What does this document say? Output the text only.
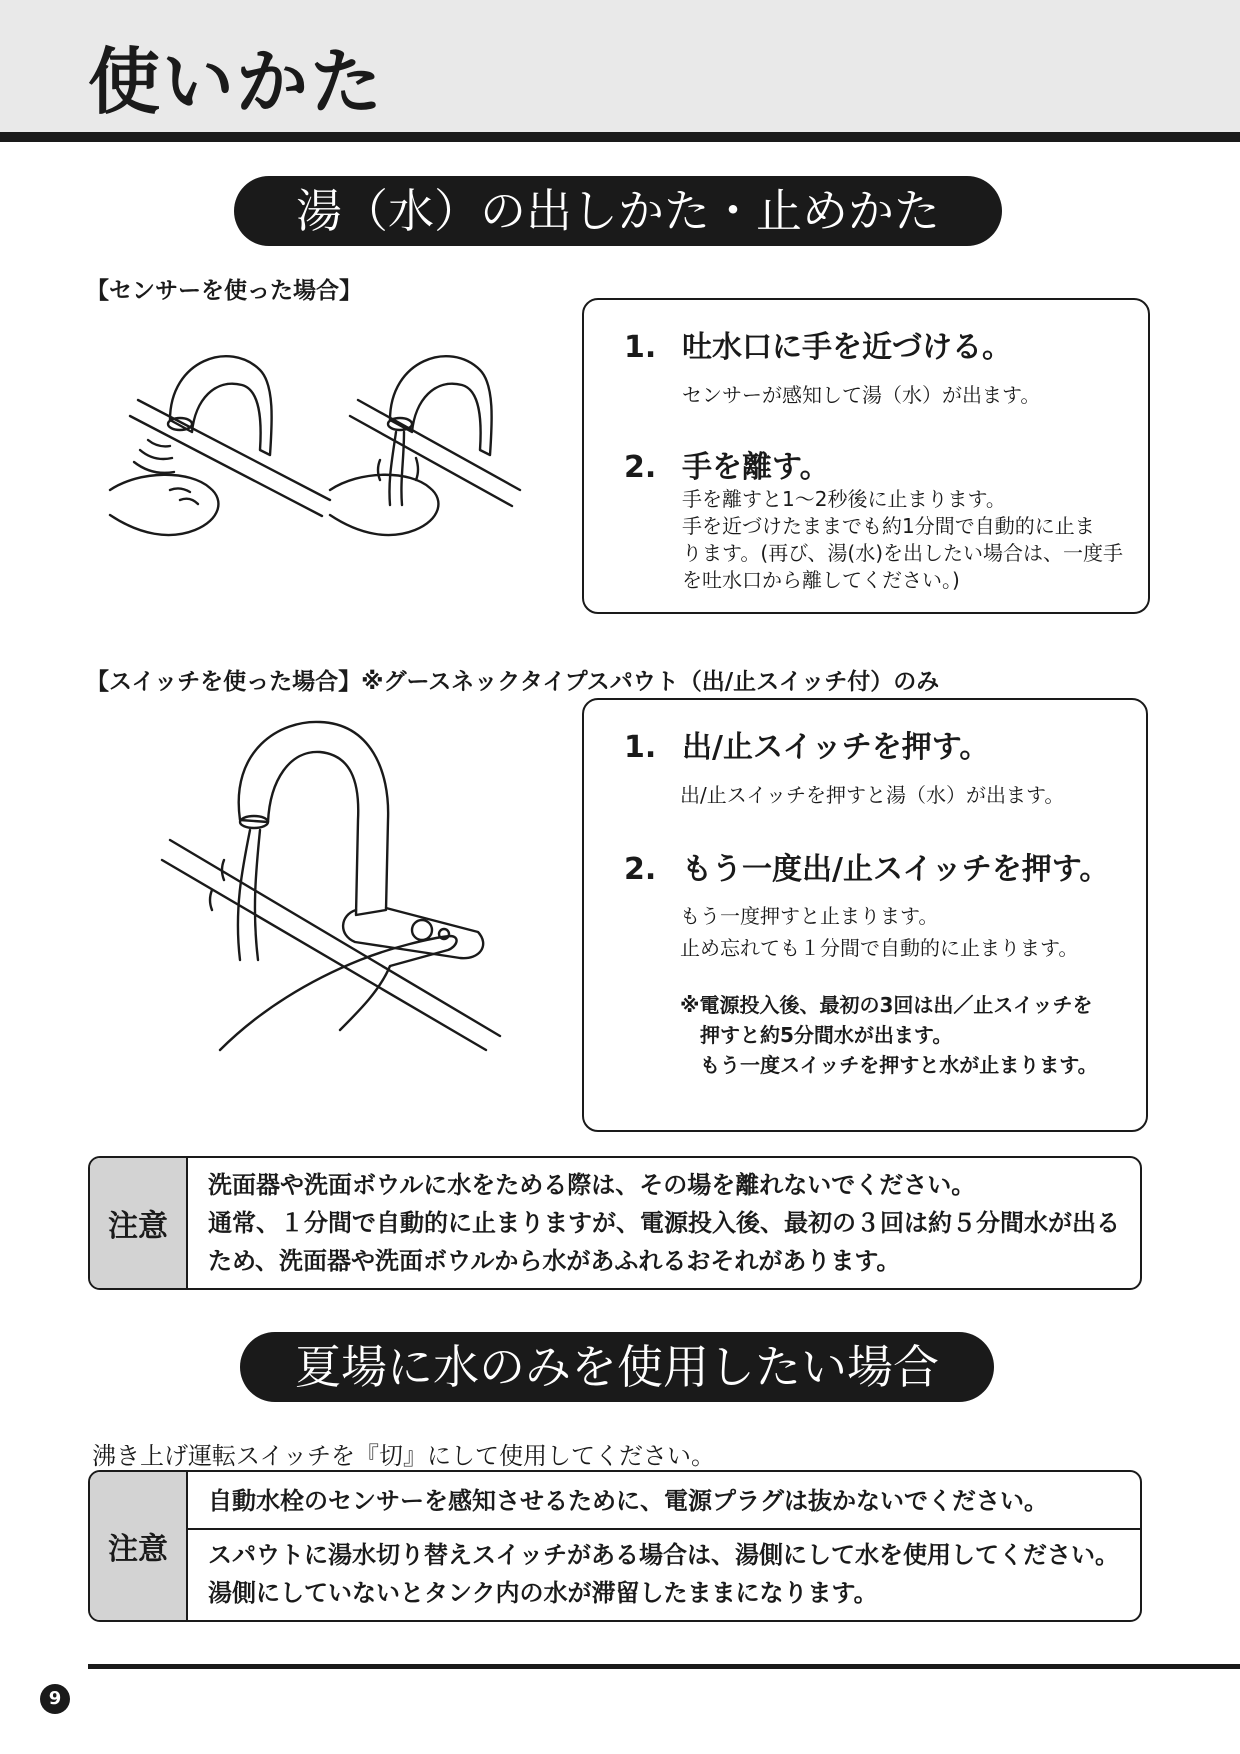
使いかた
湯（水）の出しかた・止めかた
【センサーを使った場合】
1. 吐水口に手を近づける。
センサーが感知して湯（水）が出ます。
2. 手を離す。
手を離すと1～2秒後に止まります。
手を近づけたままでも約1分間で自動的に止ま
ります。(再び、湯(水)を出したい場合は、一度手
を吐水口から離してください。)
【スイッチを使った場合】※グースネックタイプスパウト（出/止スイッチ付）のみ
1. 出/止スイッチを押す。
出/止スイッチを押すと湯（水）が出ます。
2. もう一度出/止スイッチを押す。
もう一度押すと止まります。
止め忘れても１分間で自動的に止まります。
※電源投入後、最初の3回は出／止スイッチを
押すと約5分間水が出ます。
もう一度スイッチを押すと水が止まります。
注意
洗面器や洗面ボウルに水をためる際は、その場を離れないでください。
通常、１分間で自動的に止まりますが、電源投入後、最初の３回は約５分間水が出る
ため、洗面器や洗面ボウルから水があふれるおそれがあります。
夏場に水のみを使用したい場合
沸き上げ運転スイッチを『切』にして使用してください。
注意
自動水栓のセンサーを感知させるために、電源プラグは抜かないでください。
スパウトに湯水切り替えスイッチがある場合は、湯側にして水を使用してください。
湯側にしていないとタンク内の水が滞留したままになります。
9
